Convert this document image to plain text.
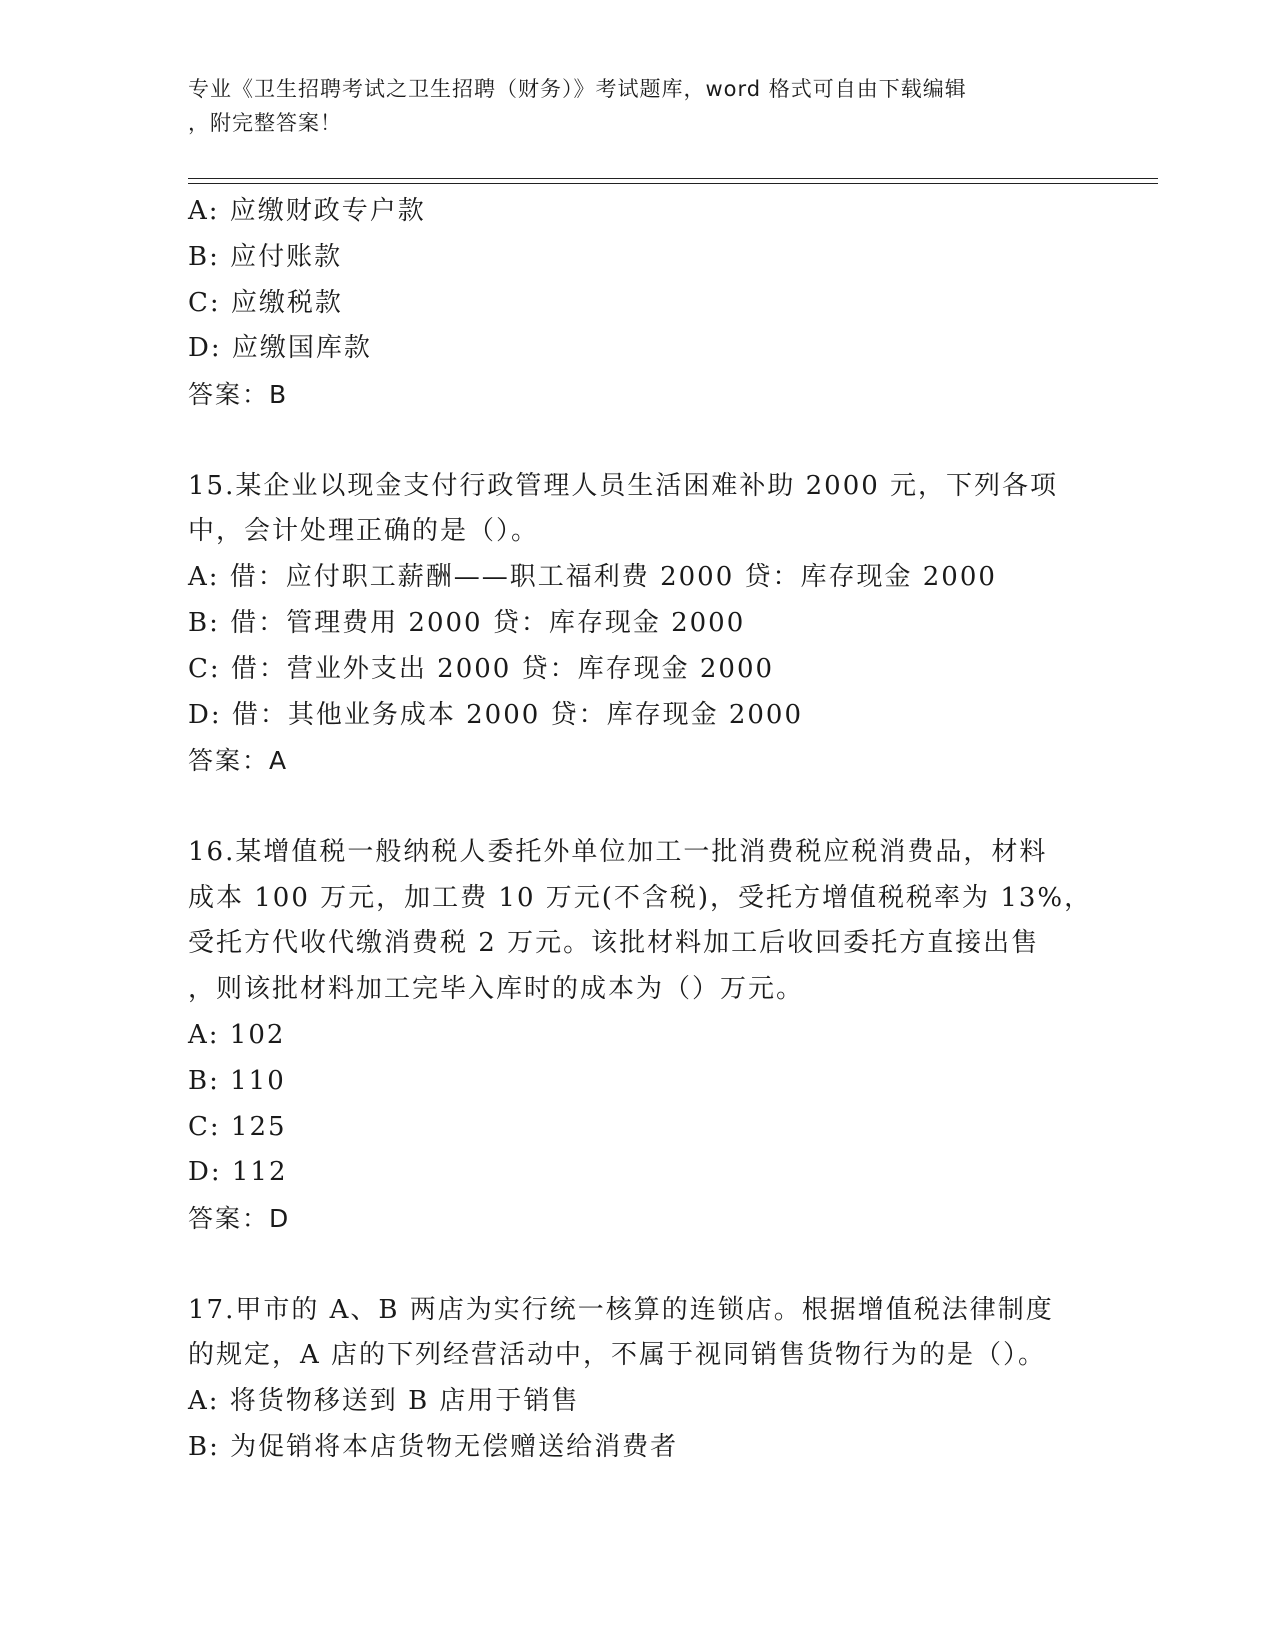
专业《卫生招聘考试之卫生招聘（财务）》考试题库，word 格式可自由下载编辑
，附完整答案！
A: 应缴财政专户款
B: 应付账款
C: 应缴税款
D: 应缴国库款
答案：B
15.某企业以现金支付行政管理人员生活困难补助 2000 元，下列各项
中，会计处理正确的是（）。
A: 借：应付职工薪酬——职工福利费 2000 贷：库存现金 2000
B: 借：管理费用 2000 贷：库存现金 2000
C: 借：营业外支出 2000 贷：库存现金 2000
D: 借：其他业务成本 2000 贷：库存现金 2000
答案：A
16.某增值税一般纳税人委托外单位加工一批消费税应税消费品，材料
成本 100 万元，加工费 10 万元(不含税)，受托方增值税税率为 13%，
受托方代收代缴消费税 2 万元。该批材料加工后收回委托方直接出售
，则该批材料加工完毕入库时的成本为（）万元。
A: 102
B: 110
C: 125
D: 112
答案：D
17.甲市的 A、B 两店为实行统一核算的连锁店。根据增值税法律制度
的规定，A 店的下列经营活动中，不属于视同销售货物行为的是（）。
A: 将货物移送到 B 店用于销售
B: 为促销将本店货物无偿赠送给消费者
